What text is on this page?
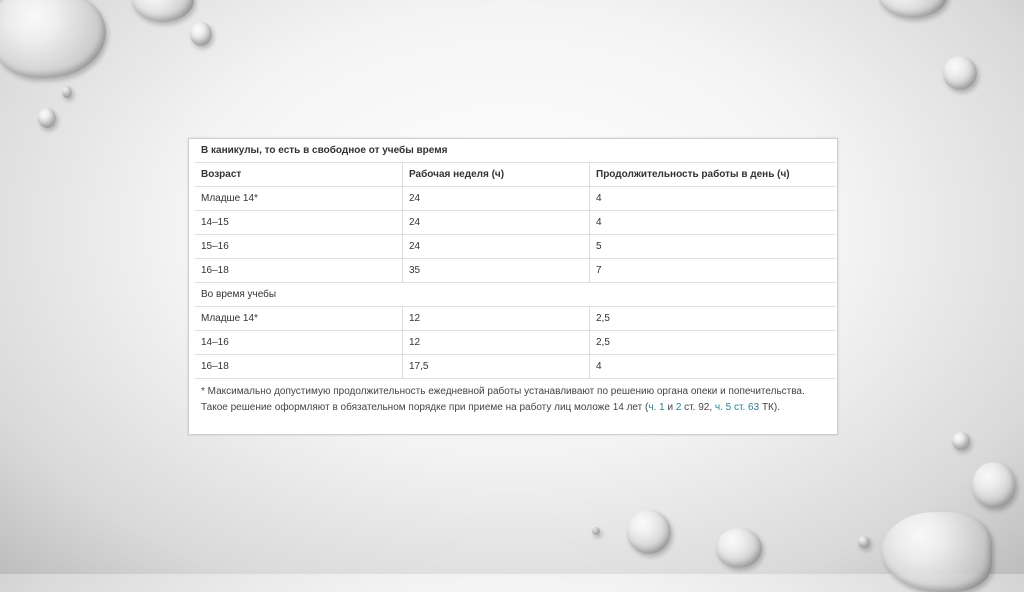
В каникулы, то есть в свободное от учебы время		
Возраст	Рабочая неделя (ч)	Продолжительность работы в день (ч)
Младше 14*	24	4
14–15	24	4
15–16	24	5
16–18	35	7
Во время учебы		
Младше 14*	12	2,5
14–16	12	2,5
16–18	17,5	4
* Максимально допустимую продолжительность ежедневной работы устанавливают по решению органа опеки и попечительства. Такое решение оформляют в обязательном порядке при приеме на работу лиц моложе 14 лет (ч. 1 и 2 ст. 92, ч. 5 ст. 63 ТК).
